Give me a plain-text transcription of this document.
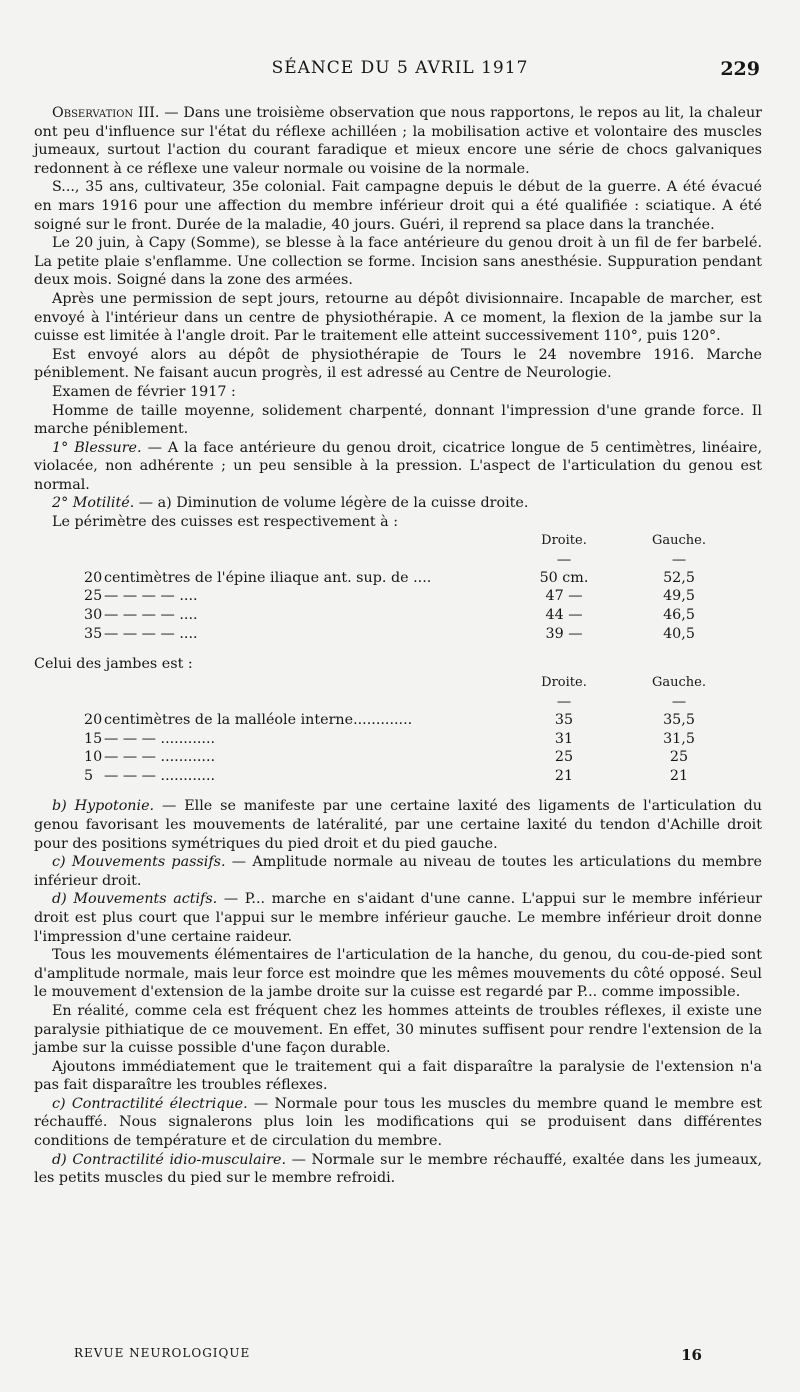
SÉANCE DU 5 AVRIL 1917	229

Observation III. — Dans une troisième observation que nous rapportons, le repos au lit, la chaleur ont peu d'influence sur l'état du réflexe achilléen ; la mobilisation active et volontaire des muscles jumeaux, surtout l'action du courant faradique et mieux encore une série de chocs galvaniques redonnent à ce réflexe une valeur normale ou voisine de la normale.

S..., 35 ans, cultivateur, 35e colonial. Fait campagne depuis le début de la guerre. A été évacué en mars 1916 pour une affection du membre inférieur droit qui a été qualifiée : sciatique. A été soigné sur le front. Durée de la maladie, 40 jours. Guéri, il reprend sa place dans la tranchée.

Le 20 juin, à Capy (Somme), se blesse à la face antérieure du genou droit à un fil de fer barbelé. La petite plaie s'enflamme. Une collection se forme. Incision sans anesthésie. Suppuration pendant deux mois. Soigné dans la zone des armées.

Après une permission de sept jours, retourne au dépôt divisionnaire. Incapable de marcher, est envoyé à l'intérieur dans un centre de physiothérapie. A ce moment, la flexion de la jambe sur la cuisse est limitée à l'angle droit. Par le traitement elle atteint successivement 110°, puis 120°.

Est envoyé alors au dépôt de physiothérapie de Tours le 24 novembre 1916. Marche péniblement. Ne faisant aucun progrès, il est adressé au Centre de Neurologie.

Examen de février 1917 :

Homme de taille moyenne, solidement charpenté, donnant l'impression d'une grande force. Il marche péniblement.

1° Blessure. — A la face antérieure du genou droit, cicatrice longue de 5 centimètres, linéaire, violacée, non adhérente ; un peu sensible à la pression. L'aspect de l'articulation du genou est normal.

2° Motilité. — a) Diminution de volume légère de la cuisse droite.

Le périmètre des cuisses est respectivement à :

		Droite.	Gauche.
		—	—
20	centimètres de l'épine iliaque ant. sup. de ....	50 cm.	52,5
25	— — — — ....	47 —	49,5
30	— — — — ....	44 —	46,5
35	— — — — ....	39 —	40,5

Celui des jambes est :

		Droite.	Gauche.
		—	—
20	centimètres de la malléole interne.............	35	35,5
15	— — — ............	31	31,5
10	— — — ............	25	25
5	— — — ............	21	21

b) Hypotonie. — Elle se manifeste par une certaine laxité des ligaments de l'articulation du genou favorisant les mouvements de latéralité, par une certaine laxité du tendon d'Achille droit pour des positions symétriques du pied droit et du pied gauche.

c) Mouvements passifs. — Amplitude normale au niveau de toutes les articulations du membre inférieur droit.

d) Mouvements actifs. — P... marche en s'aidant d'une canne. L'appui sur le membre inférieur droit est plus court que l'appui sur le membre inférieur gauche. Le membre inférieur droit donne l'impression d'une certaine raideur.

Tous les mouvements élémentaires de l'articulation de la hanche, du genou, du cou-de-pied sont d'amplitude normale, mais leur force est moindre que les mêmes mouvements du côté opposé. Seul le mouvement d'extension de la jambe droite sur la cuisse est regardé par P... comme impossible.

En réalité, comme cela est fréquent chez les hommes atteints de troubles réflexes, il existe une paralysie pithiatique de ce mouvement. En effet, 30 minutes suffisent pour rendre l'extension de la jambe sur la cuisse possible d'une façon durable.

Ajoutons immédiatement que le traitement qui a fait disparaître la paralysie de l'extension n'a pas fait disparaître les troubles réflexes.

c) Contractilité électrique. — Normale pour tous les muscles du membre quand le membre est réchauffé. Nous signalerons plus loin les modifications qui se produisent dans différentes conditions de température et de circulation du membre.

d) Contractilité idio-musculaire. — Normale sur le membre réchauffé, exaltée dans les jumeaux, les petits muscles du pied sur le membre refroidi.

REVUE NEUROLOGIQUE	16
